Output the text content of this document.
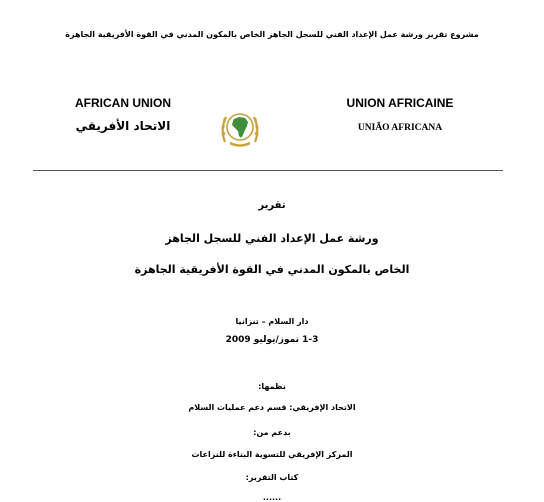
مشروع تقرير ورشة عمل الإعداد الفني للسجل الجاهز الخاص بالمكون المدني في القوة الأفريقية الجاهزة
AFRICAN UNION
الاتحاد الأفريقي
UNION AFRICAINE
UNIÃO AFRICANA
تقرير
ورشة عمل الإعداد الفني للسجل الجاهز
الخاص بالمكون المدني في القوة الأفريقية الجاهزة
دار السلام – تنزانيا
1-3 تموز/يوليو 2009
نظمها:
الاتحاد الإفريقي: قسم دعم عمليات السلام
بدعم من:
المركز الإفريقي للتسوية البناءة للنزاعات
كتاب التقرير:
......
